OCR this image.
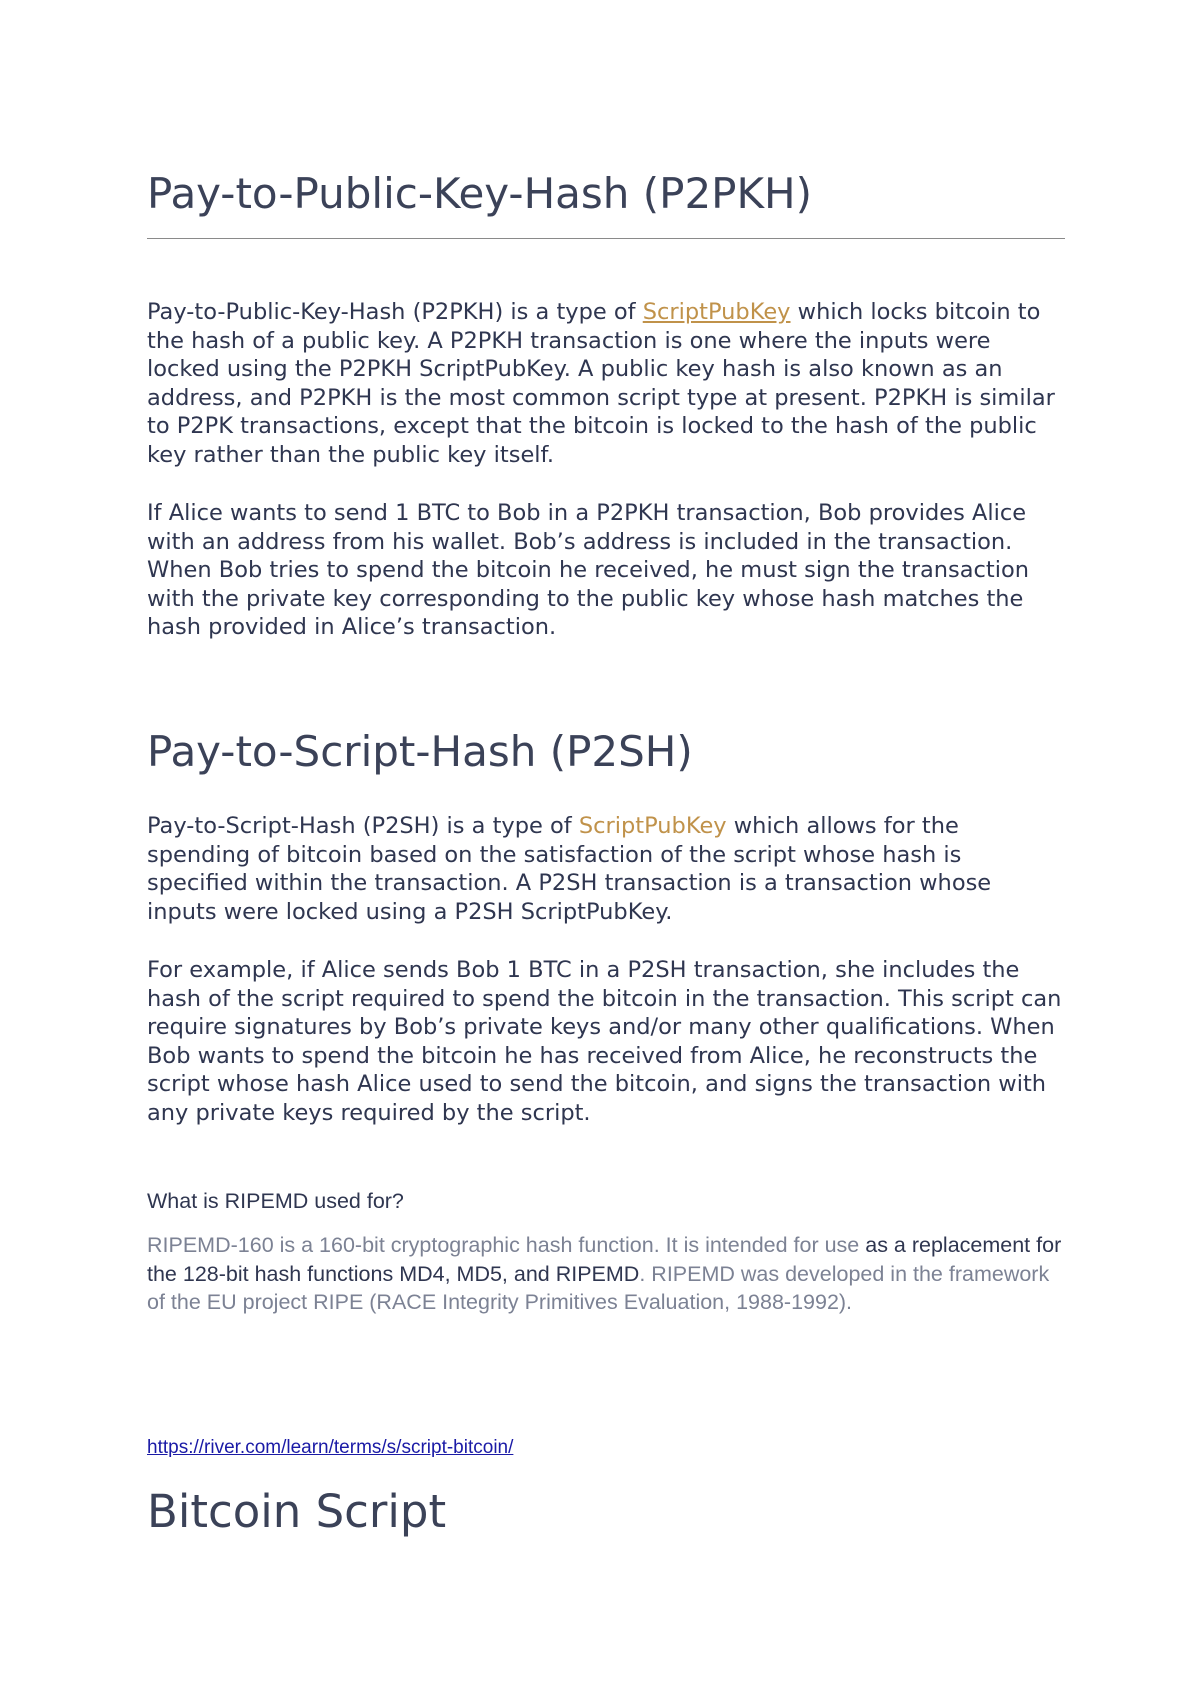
Pay-to-Public-Key-Hash (P2PKH)

Pay-to-Public-Key-Hash (P2PKH) is a type of ScriptPubKey which locks bitcoin to the hash of a public key. A P2PKH transaction is one where the inputs were locked using the P2PKH ScriptPubKey. A public key hash is also known as an address, and P2PKH is the most common script type at present. P2PKH is similar to P2PK transactions, except that the bitcoin is locked to the hash of the public key rather than the public key itself.

If Alice wants to send 1 BTC to Bob in a P2PKH transaction, Bob provides Alice with an address from his wallet. Bob’s address is included in the transaction. When Bob tries to spend the bitcoin he received, he must sign the transaction with the private key corresponding to the public key whose hash matches the hash provided in Alice’s transaction.

Pay-to-Script-Hash (P2SH)

Pay-to-Script-Hash (P2SH) is a type of ScriptPubKey which allows for the spending of bitcoin based on the satisfaction of the script whose hash is specified within the transaction. A P2SH transaction is a transaction whose inputs were locked using a P2SH ScriptPubKey.

For example, if Alice sends Bob 1 BTC in a P2SH transaction, she includes the hash of the script required to spend the bitcoin in the transaction. This script can require signatures by Bob’s private keys and/or many other qualifications. When Bob wants to spend the bitcoin he has received from Alice, he reconstructs the script whose hash Alice used to send the bitcoin, and signs the transaction with any private keys required by the script.

What is RIPEMD used for?

RIPEMD-160 is a 160-bit cryptographic hash function. It is intended for use as a replacement for the 128-bit hash functions MD4, MD5, and RIPEMD. RIPEMD was developed in the framework of the EU project RIPE (RACE Integrity Primitives Evaluation, 1988-1992).

https://river.com/learn/terms/s/script-bitcoin/
Bitcoin Script
